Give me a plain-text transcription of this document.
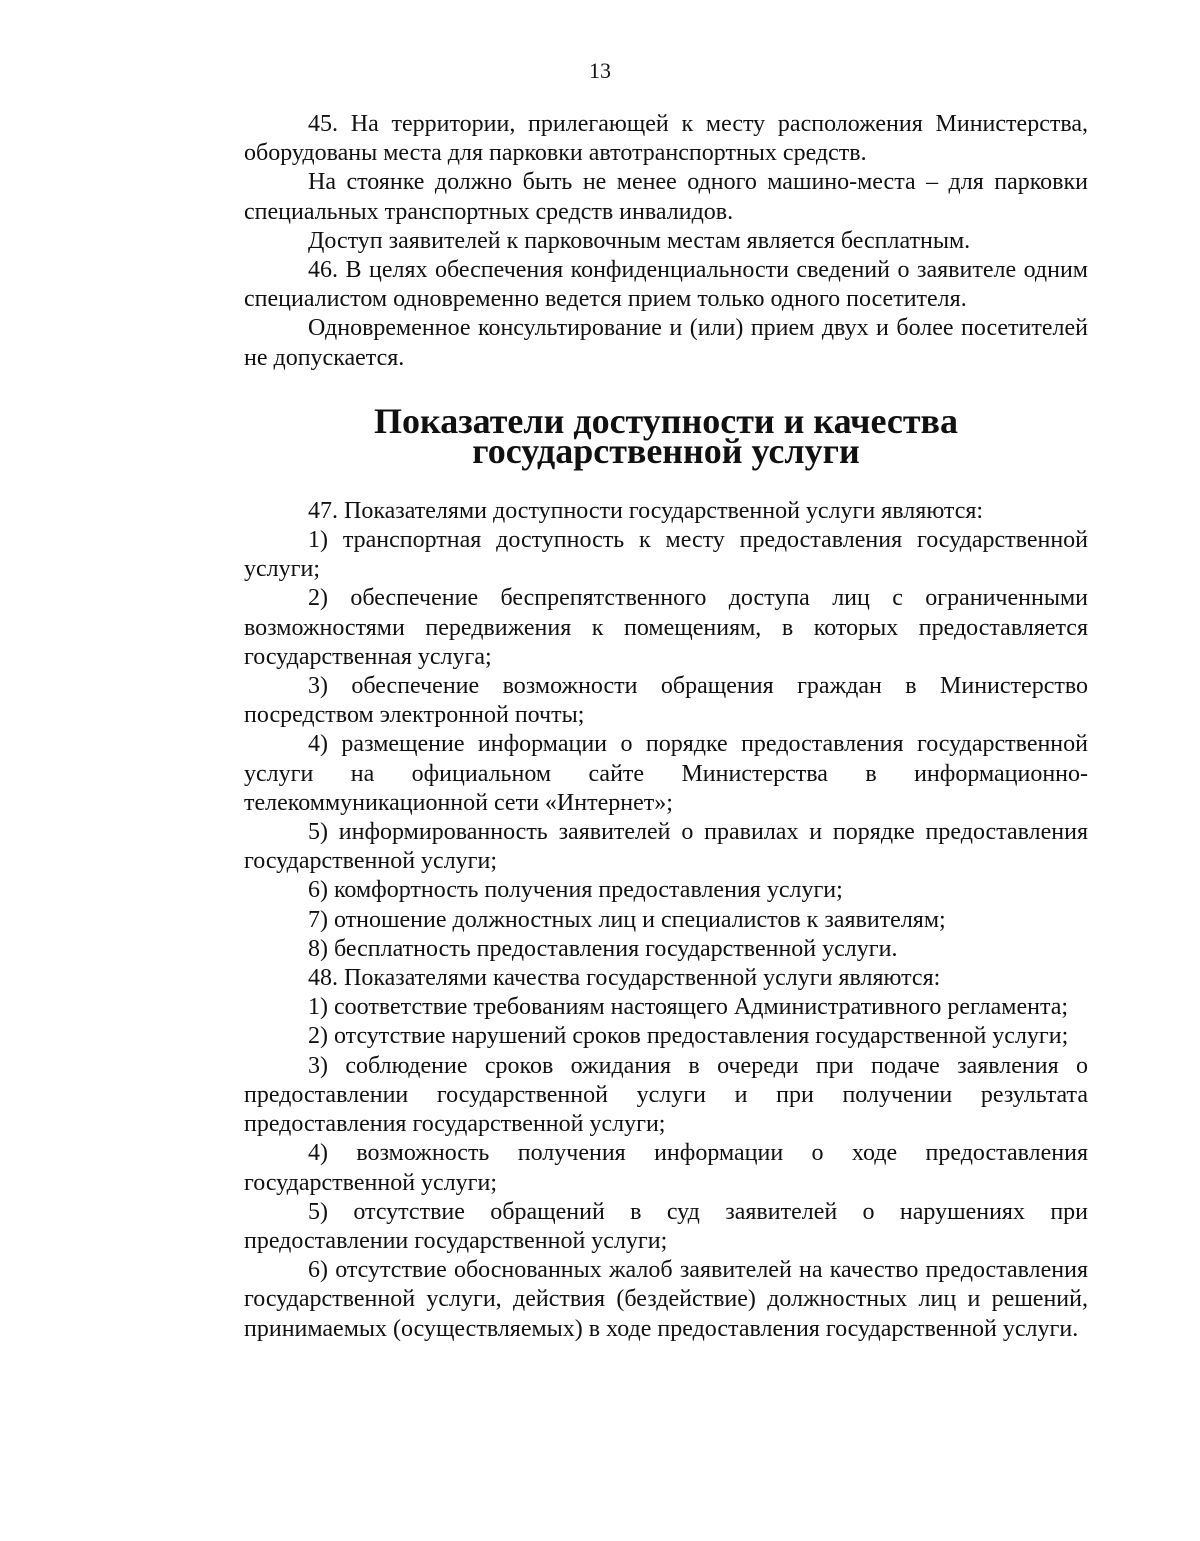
13

45. На территории, прилегающей к месту расположения Министерства, оборудованы места для парковки автотранспортных средств.

На стоянке должно быть не менее одного машино-места – для парковки специальных транспортных средств инвалидов.

Доступ заявителей к парковочным местам является бесплатным.

46. В целях обеспечения конфиденциальности сведений о заявителе одним специалистом одновременно ведется прием только одного посетителя.

Одновременное консультирование и (или) прием двух и более посетителей не допускается.

Показатели доступности и качества государственной услуги

47. Показателями доступности государственной услуги являются:

1) транспортная доступность к месту предоставления государственной услуги;

2) обеспечение беспрепятственного доступа лиц с ограниченными возможностями передвижения к помещениям, в которых предоставляется государственная услуга;

3) обеспечение возможности обращения граждан в Министерство посредством электронной почты;

4) размещение информации о порядке предоставления государственной услуги на официальном сайте Министерства в информационно-телекоммуникационной сети «Интернет»;

5) информированность заявителей о правилах и порядке предоставления государственной услуги;

6) комфортность получения предоставления услуги;

7) отношение должностных лиц и специалистов к заявителям;

8) бесплатность предоставления государственной услуги.

48. Показателями качества государственной услуги являются:

1) соответствие требованиям настоящего Административного регламента;

2) отсутствие нарушений сроков предоставления государственной услуги;

3) соблюдение сроков ожидания в очереди при подаче заявления о предоставлении государственной услуги и при получении результата предоставления государственной услуги;

4) возможность получения информации о ходе предоставления государственной услуги;

5) отсутствие обращений в суд заявителей о нарушениях при предоставлении государственной услуги;

6) отсутствие обоснованных жалоб заявителей на качество предоставления государственной услуги, действия (бездействие) должностных лиц и решений, принимаемых (осуществляемых) в ходе предоставления государственной услуги.
